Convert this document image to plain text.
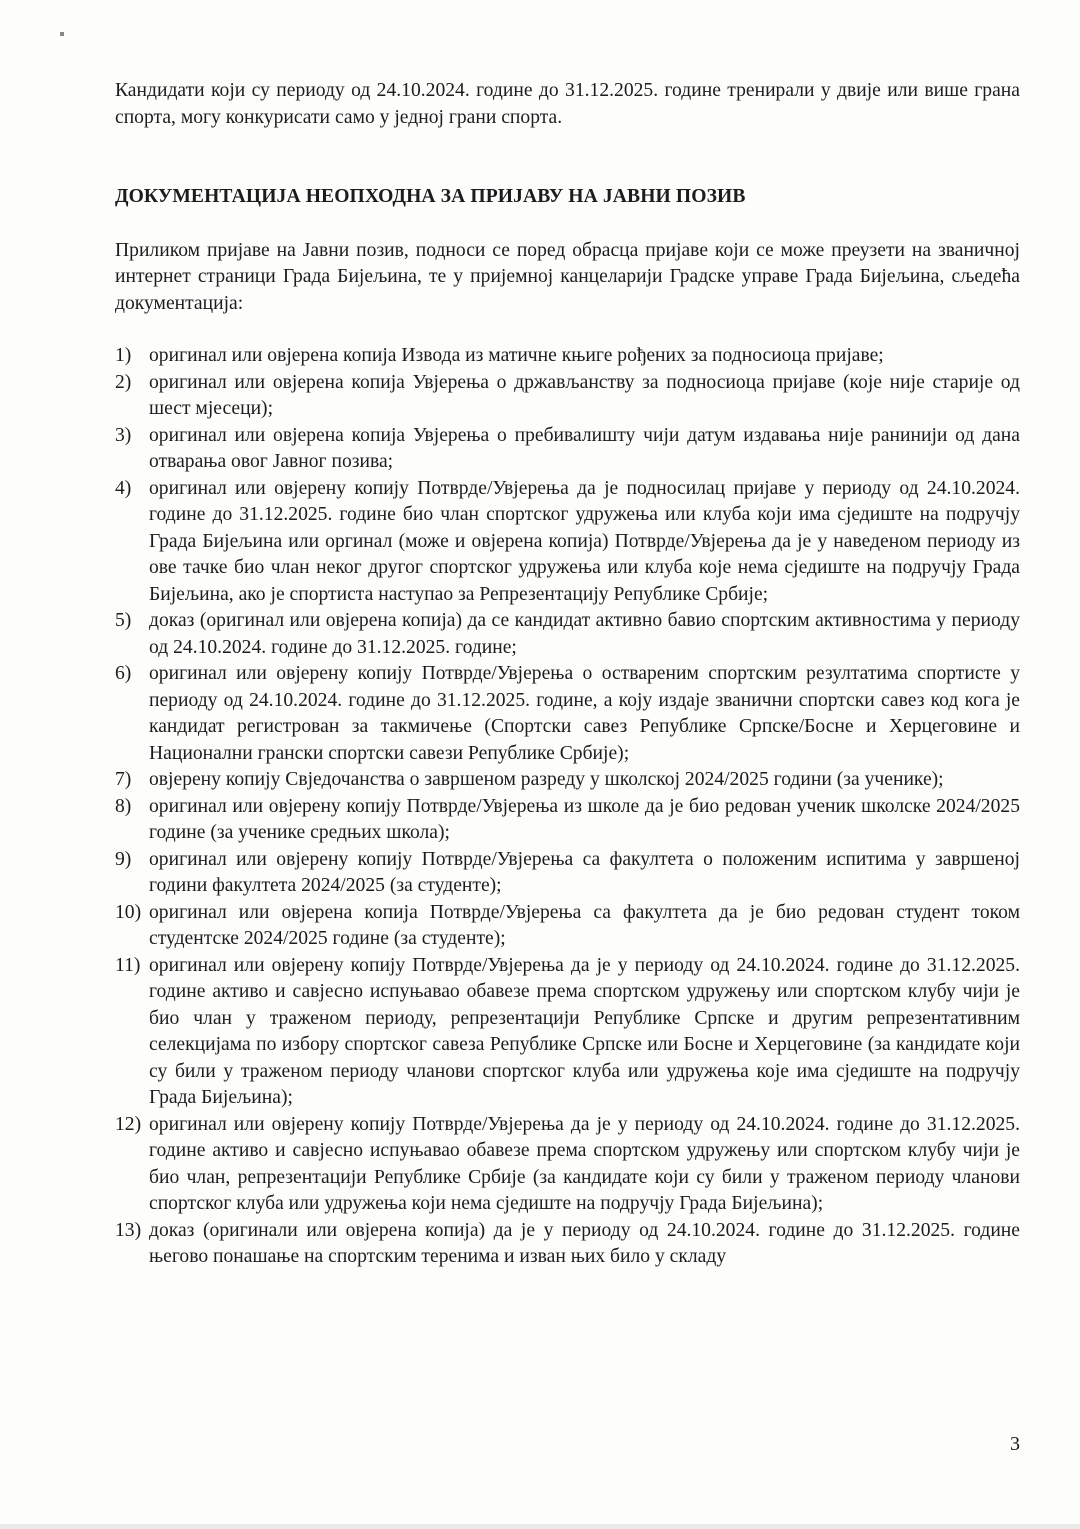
Кандидати који су периоду од 24.10.2024. године до 31.12.2025. године тренирали у двије или више грана спорта, могу конкурисати само у једној грани спорта.

ДОКУМЕНТАЦИЈА НЕОПХОДНА ЗА ПРИЈАВУ НА ЈАВНИ ПОЗИВ

Приликом пријаве на Јавни позив, подноси се поред обрасца пријаве који се може преузети на званичној интернет страници Града Бијељина, те у пријемној канцеларији Градске управе Града Бијељина, сљедећа документација:

1) оригинал или овјерена копија Извода из матичне књиге рођених за подносиоца пријаве;
2) оригинал или овјерена копија Увјерења о држављанству за подносиоца пријаве (које није старије од шест мјесеци);
3) оригинал или овјерена копија Увјерења о пребивалишту чији датум издавања није ранинији од дана отварања овог Јавног позива;
4) оригинал или овјерену копију Потврде/Увјерења да је подносилац пријаве у периоду од 24.10.2024. године до 31.12.2025. године био члан спортског удружења или клуба који има сједиште на подручју Града Бијељина или оргинал (може и овјерена копија) Потврде/Увјерења да је у наведеном периоду из ове тачке био члан неког другог спортског удружења или клуба које нема сједиште на подручју Града Бијељина, ако је спортиста наступао за Репрезентацију Републике Србије;
5) доказ (оригинал или овјерена копија) да се кандидат активно бавио спортским активностима у периоду од 24.10.2024. године до 31.12.2025. године;
6) оригинал или овјерену копију Потврде/Увјерења о оствареним спортским резултатима спортисте у периоду од 24.10.2024. године до 31.12.2025. године, а коју издаје званични спортски савез код кога је кандидат регистрован за такмичење (Спортски савез Републике Српске/Босне и Херцеговине и Национални грански спортски савези Републике Србије);
7) овјерену копију Свједочанства о завршеном разреду у школској 2024/2025 години (за ученике);
8) оригинал или овјерену копију Потврде/Увјерења из школе да је био редован ученик школске 2024/2025 године (за ученике средњих школа);
9) оригинал или овјерену копију Потврде/Увјерења са факултета о положеним испитима у завршеној години факултета 2024/2025 (за студенте);
10) оригинал или овјерена копија Потврде/Увјерења са факултета да је био редован студент током студентске 2024/2025 године (за студенте);
11) оригинал или овјерену копију Потврде/Увјерења да је у периоду од 24.10.2024. године до 31.12.2025. године активо и савјесно испуњавао обавезе према спортском удружењу или спортском клубу чији је био члан у траженом периоду, репрезентацији Републике Српске и другим репрезентативним селекцијама по избору спортског савеза Републике Српске или Босне и Херцеговине (за кандидате који су били у траженом периоду чланови спортског клуба или удружења које има сједиште на подручју Града Бијељина);
12) оригинал или овјерену копију Потврде/Увјерења да је у периоду од 24.10.2024. године до 31.12.2025. године активо и савјесно испуњавао обавезе према спортском удружењу или спортском клубу чији је био члан, репрезентацији Републике Србије (за кандидате који су били у траженом периоду чланови спортског клуба или удружења који нема сједиште на подручју Града Бијељина);
13) доказ (оригинали или овјерена копија) да је у периоду од 24.10.2024. године до 31.12.2025. године његово понашање на спортским теренима и изван њих било у складу
3
